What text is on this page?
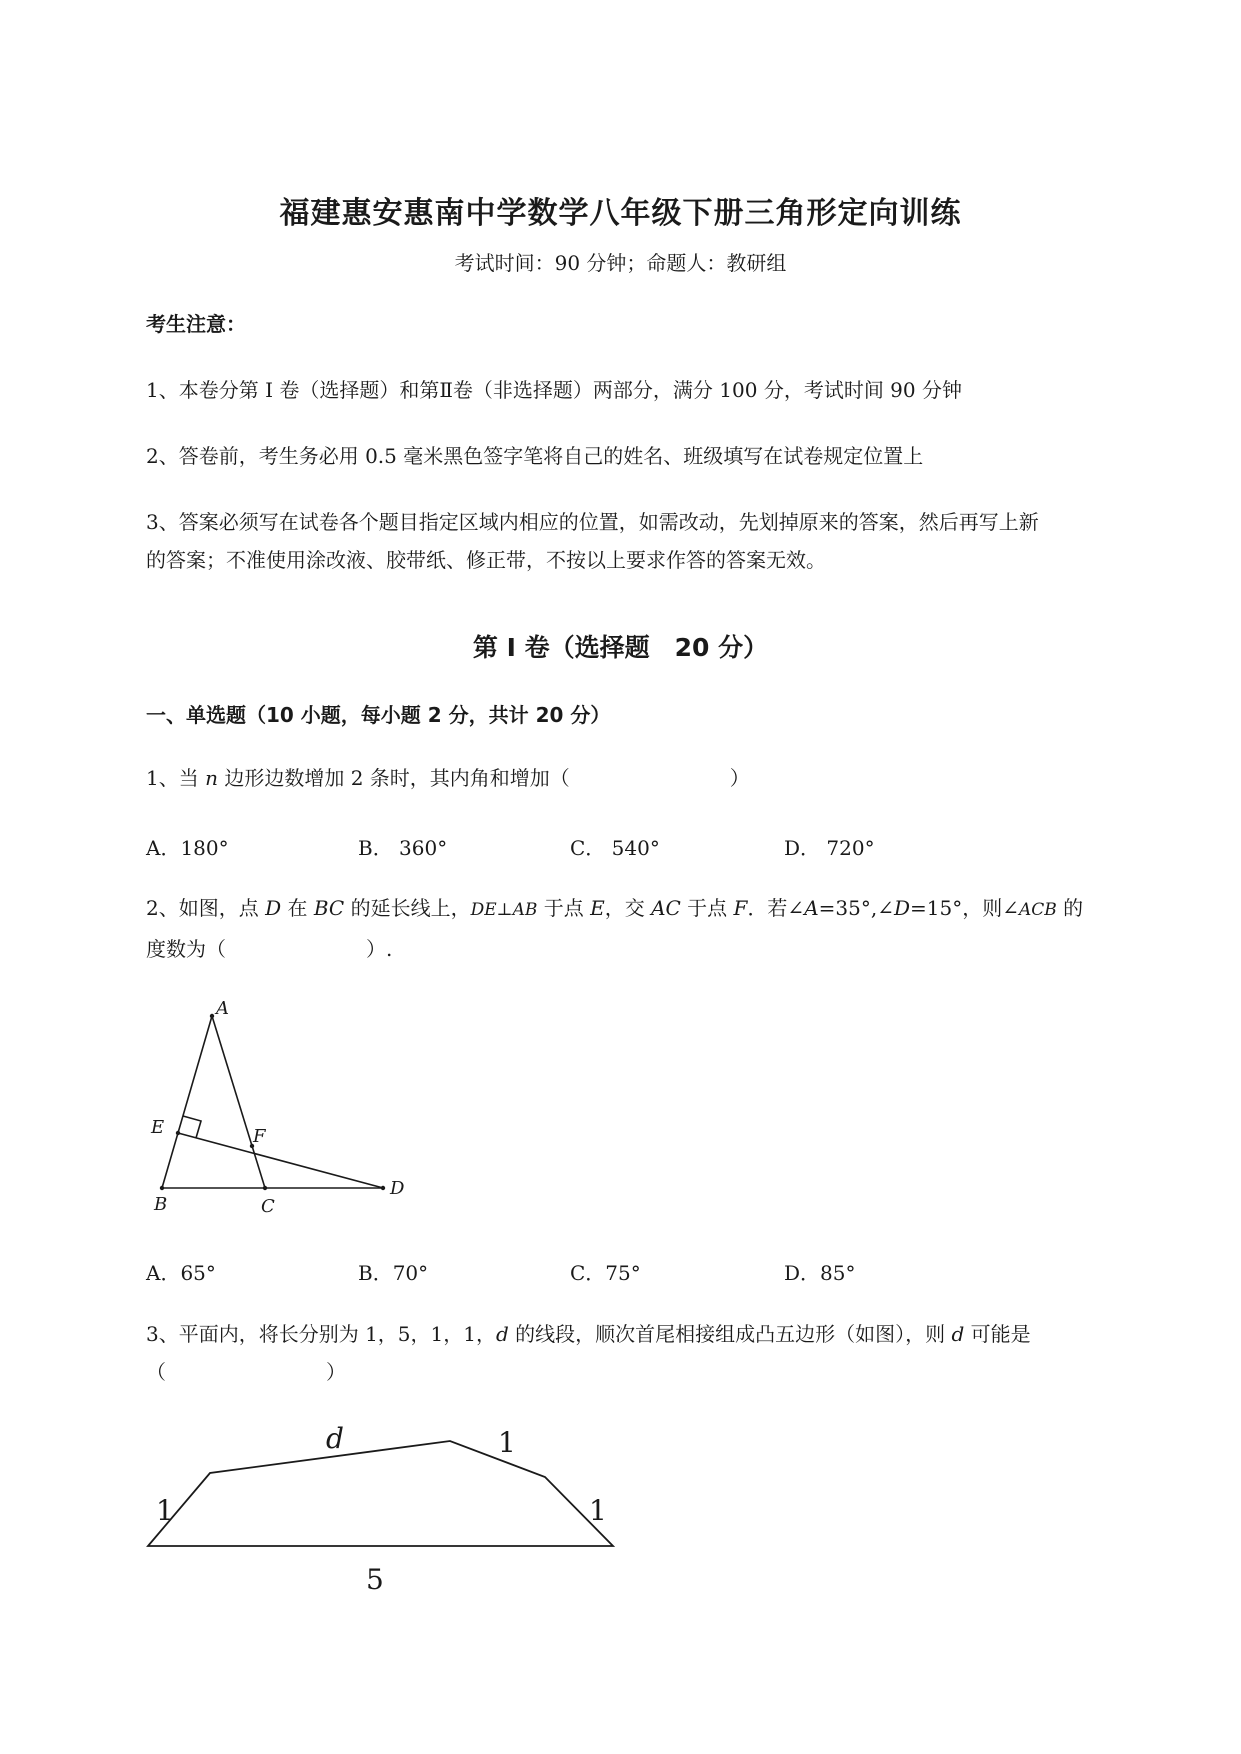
福建惠安惠南中学数学八年级下册三角形定向训练
考试时间：90 分钟；命题人：教研组
考生注意：
1、本卷分第 I 卷（选择题）和第Ⅱ卷（非选择题）两部分，满分 100 分，考试时间 90 分钟
2、答卷前，考生务必用 0.5 毫米黑色签字笔将自己的姓名、班级填写在试卷规定位置上
3、答案必须写在试卷各个题目指定区域内相应的位置，如需改动，先划掉原来的答案，然后再写上新
的答案；不准使用涂改液、胶带纸、修正带，不按以上要求作答的答案无效。
第 I 卷（选择题　20 分）
一、单选题（10 小题，每小题 2 分，共计 20 分）
1、当 n 边形边数增加 2 条时，其内角和增加（　　　　　　　　）
A．180°	B． 360°	C． 540°	D． 720°
2、如图，点 D 在 BC 的延长线上，DE⊥AB 于点 E，交 AC 于点 F．若∠A=35°,∠D=15°，则∠ACB 的
度数为（　　　　　　　）.
A
E	F
B	C
D
A．65°	B．70°	C．75°	D．85°
3、平面内，将长分别为 1，5，1，1，d 的线段，顺次首尾相接组成凸五边形（如图），则 d 可能是
（　　　　　　　　）
d	1
1	1
5
